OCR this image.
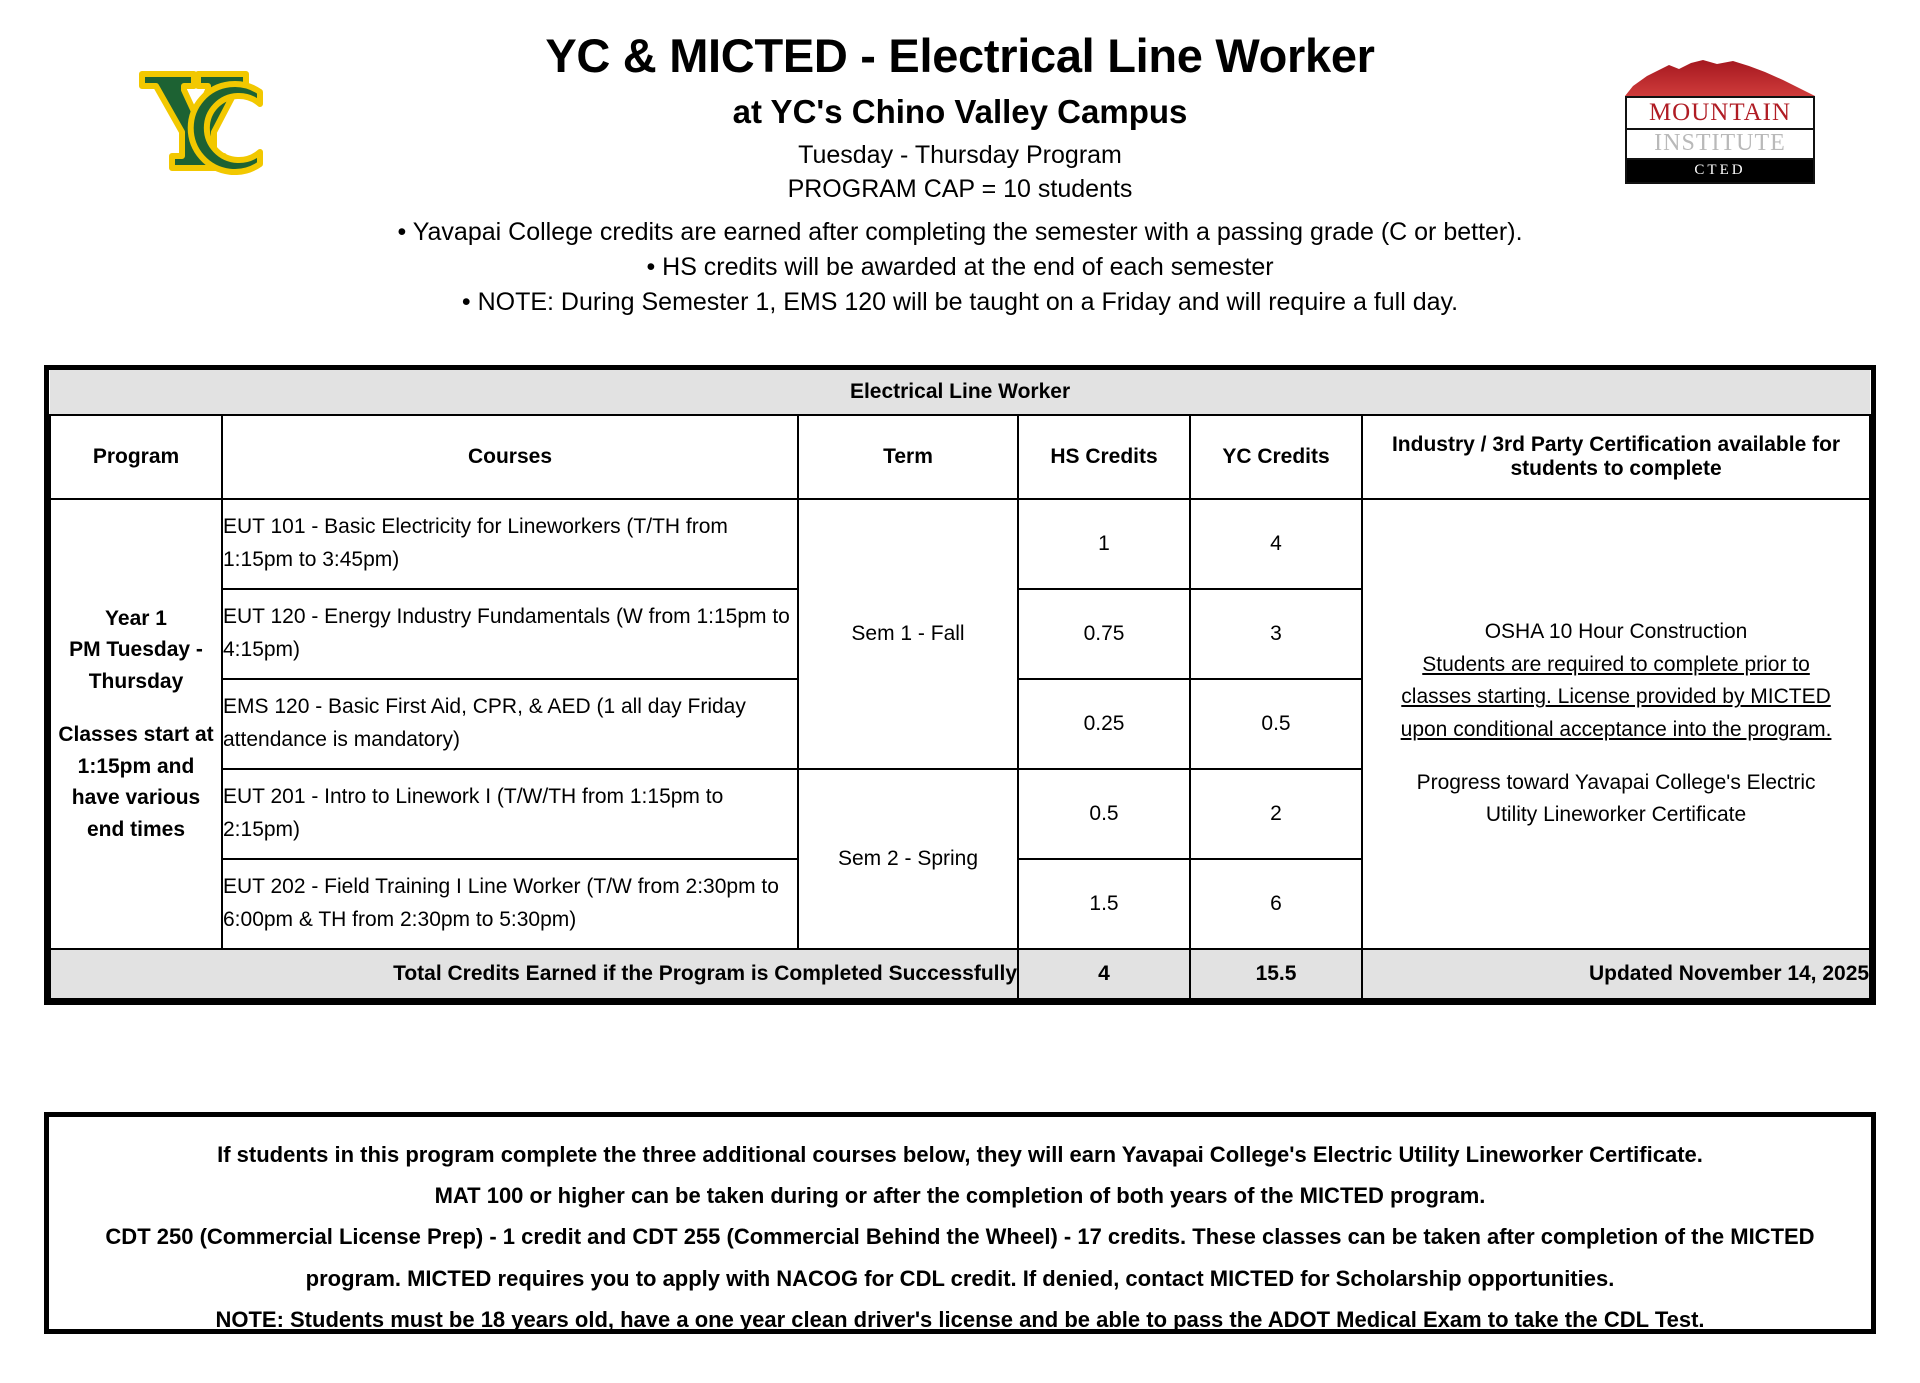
YC & MICTED - Electrical Line Worker
at YC's Chino Valley Campus
Tuesday - Thursday Program
PROGRAM CAP = 10 students
• Yavapai College credits are earned after completing the semester with a passing grade (C or better).
• HS credits will be awarded at the end of each semester
• NOTE: During Semester 1, EMS 120 will be taught on a Friday and will require a full day.
MOUNTAIN
INSTITUTE
CTED
Electrical Line Worker					
Program	Courses	Term	HS Credits	YC Credits	Industry / 3rd Party Certification available for students to complete

Year 1
PM Tuesday -
Thursday
Classes start at
1:15pm and
have various
end times
	EUT 101 - Basic Electricity for Lineworkers (T/TH from 1:15pm to 3:45pm)	Sem 1 - Fall	1	4	
OSHA 10 Hour Construction
Students are required to complete prior to
classes starting. License provided by MICTED
upon conditional acceptance into the program.
Progress toward Yavapai College's Electric
Utility Lineworker Certificate

	EUT 120 - Energy Industry Fundamentals (W from 1:15pm to 4:15pm)		0.75	3	
	EMS 120 - Basic First Aid, CPR, & AED (1 all day Friday attendance is mandatory)		0.25	0.5	
	EUT 201 - Intro to Linework I (T/W/TH from 1:15pm to 2:15pm)	Sem 2 - Spring	0.5	2	
	EUT 202 - Field Training I Line Worker (T/W from 2:30pm to 6:00pm & TH from 2:30pm to 5:30pm)		1.5	6	
Total Credits Earned if the Program is Completed Successfully			4	15.5	Updated November 14, 2025
If students in this program complete the three additional courses below, they will earn Yavapai College's Electric Utility Lineworker Certificate.
MAT 100 or higher can be taken during or after the completion of both years of the MICTED program.
CDT 250 (Commercial License Prep) - 1 credit and CDT 255 (Commercial Behind the Wheel) - 17 credits. These classes can be taken after completion of the MICTED
program. MICTED requires you to apply with NACOG for CDL credit. If denied, contact MICTED for Scholarship opportunities.
NOTE: Students must be 18 years old, have a one year clean driver's license and be able to pass the ADOT Medical Exam to take the CDL Test.
